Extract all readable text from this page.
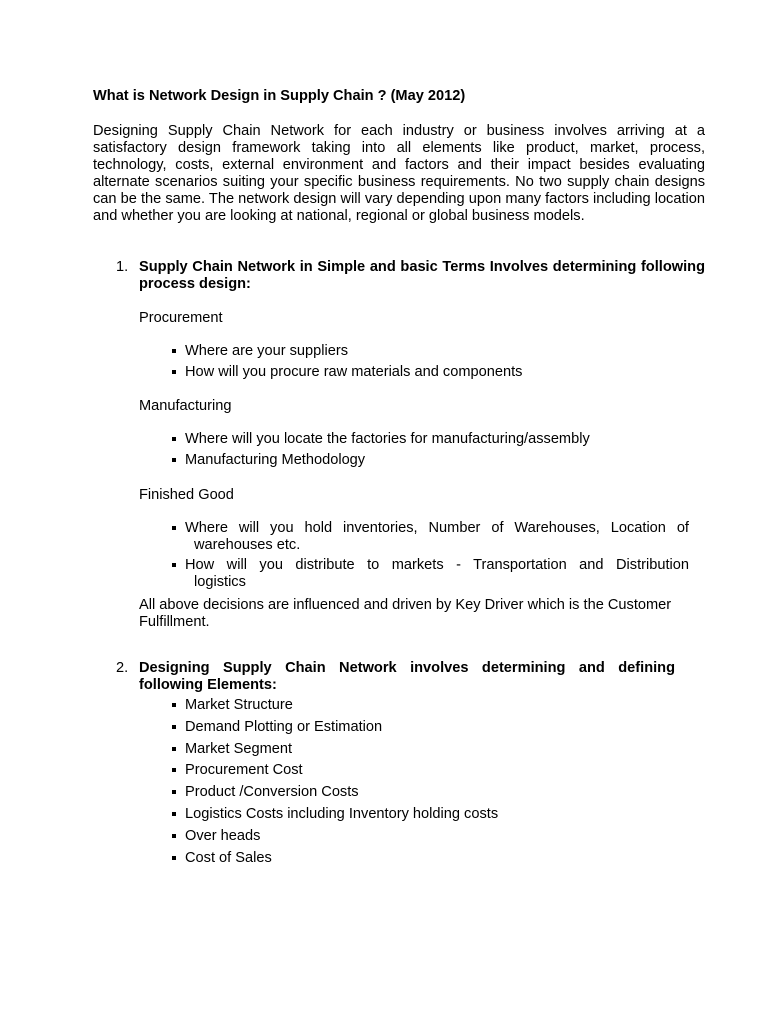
What is Network Design in Supply Chain ? (May 2012)
Designing Supply Chain Network for each industry or business involves arriving at a satisfactory design framework taking into all elements like product, market, process, technology, costs, external environment and factors and their impact besides evaluating alternate scenarios suiting your specific business requirements. No two supply chain designs can be the same. The network design will vary depending upon many factors including location and whether you are looking at national, regional or global business models.
1. Supply Chain Network in Simple and basic Terms Involves determining following process design:
Procurement
Where are your suppliers
How will you procure raw materials and components
Manufacturing
Where will you locate the factories for manufacturing/assembly
Manufacturing Methodology
Finished Good
Where will you hold inventories, Number of Warehouses, Location of
warehouses etc.
How will you distribute to markets - Transportation and Distribution
logistics
All above decisions are influenced and driven by Key Driver which is the Customer Fulfillment.
2. Designing Supply Chain Network involves determining and defining following Elements:
Market Structure
Demand Plotting or Estimation
Market Segment
Procurement Cost
Product /Conversion Costs
Logistics Costs including Inventory holding costs
Over heads
Cost of Sales
